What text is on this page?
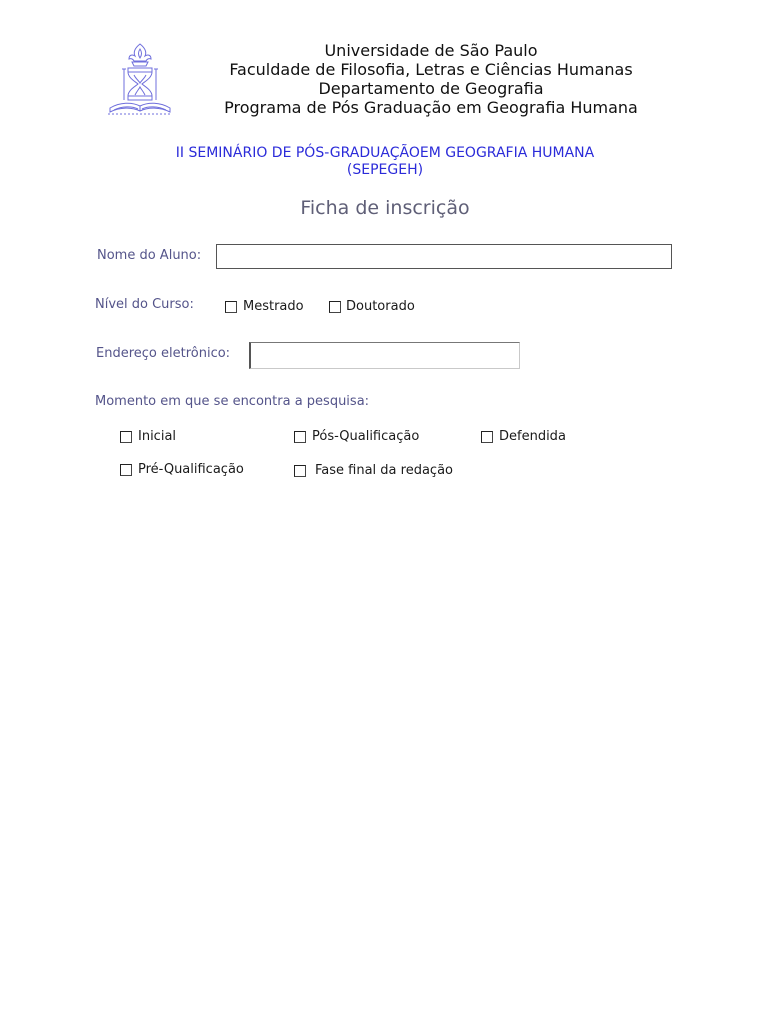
Universidade de São Paulo
Faculdade de Filosofia, Letras e Ciências Humanas
Departamento de Geografia
Programa de Pós Graduação em Geografia Humana
II SEMINÁRIO DE PÓS-GRADUAÇÃOEM GEOGRAFIA HUMANA
(SEPEGEH)
Ficha de inscrição
Nome do Aluno:
Nível do Curso:	Mestrado	Doutorado
Endereço eletrônico:
Momento em que se encontra a pesquisa:
Inicial	Pós-Qualificação	Defendida
Pré-Qualificação	Fase final da redação
